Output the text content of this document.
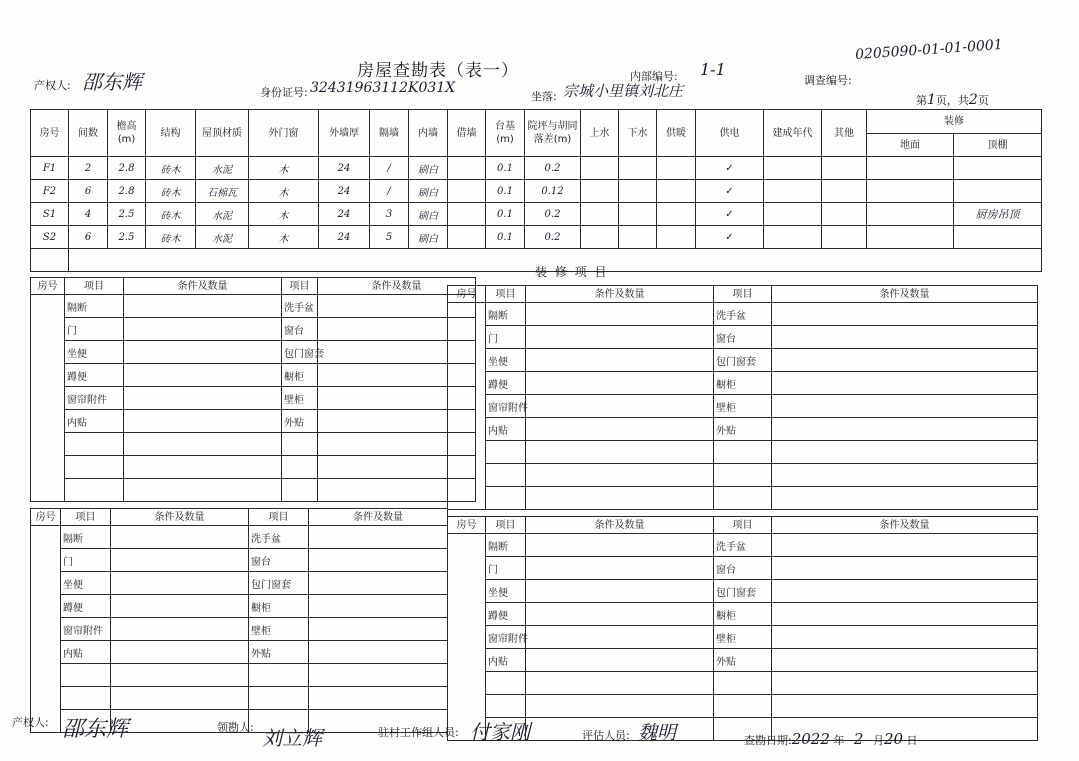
0205090-01-01-0001
房屋查勘表（表一）	内部编号: 1-1
调查编号:
产权人: 邵东辉	身份证号: 32431963112K031X
坐落: 宗城小里镇刘北庄
第1页，共2页
房号	间数	檐高(m)	结构	屋顶材质	外门窗	外墙厚	隔墙	内墙	借墙	台基(m)	院坪与胡同落差(m)	上水	下水	供暖	供电	建成年代	其他	装修	
																		地面	顶棚
F1	2	2.8	砖木	水泥	木	24	/	刷白		0.1	0.2				✓				
F2	6	2.8	砖木	石棉瓦	木	24	/	刷白		0.1	0.12				✓				
S1	4	2.5	砖木	水泥	木	24	3	刷白		0.1	0.2				✓				厨房吊顶
S2	6	2.5	砖木	水泥	木	24	5	刷白		0.1	0.2				✓				

装 修 项 目
房号	项目	条件及数量	项目	条件及数量
	隔断		洗手盆	
	门		窗台	
	坐便		包门窗套	
	蹲便		橱柜	
	窗帘附件		壁柜	
	内贴		外贴	

房号	项目	条件及数量	项目	条件及数量
	隔断		洗手盆	
	门		窗台	
	坐便		包门窗套	
	蹲便		橱柜	
	窗帘附件		壁柜	
	内贴		外贴	

房号	项目	条件及数量	项目	条件及数量
	隔断		洗手盆	
	门		窗台	
	坐便		包门窗套	
	蹲便		橱柜	
	窗帘附件		壁柜	
	内贴		外贴	

房号	项目	条件及数量	项目	条件及数量
	隔断		洗手盆	
	门		窗台	
	坐便		包门窗套	
	蹲便		橱柜	
	窗帘附件		壁柜	
	内贴		外贴	

产权人: 邵东辉	领勘人: 刘立辉	驻村工作组人员: 付家刚	评估人员: 魏明	查勘日期:2022 年 2 月20 日
